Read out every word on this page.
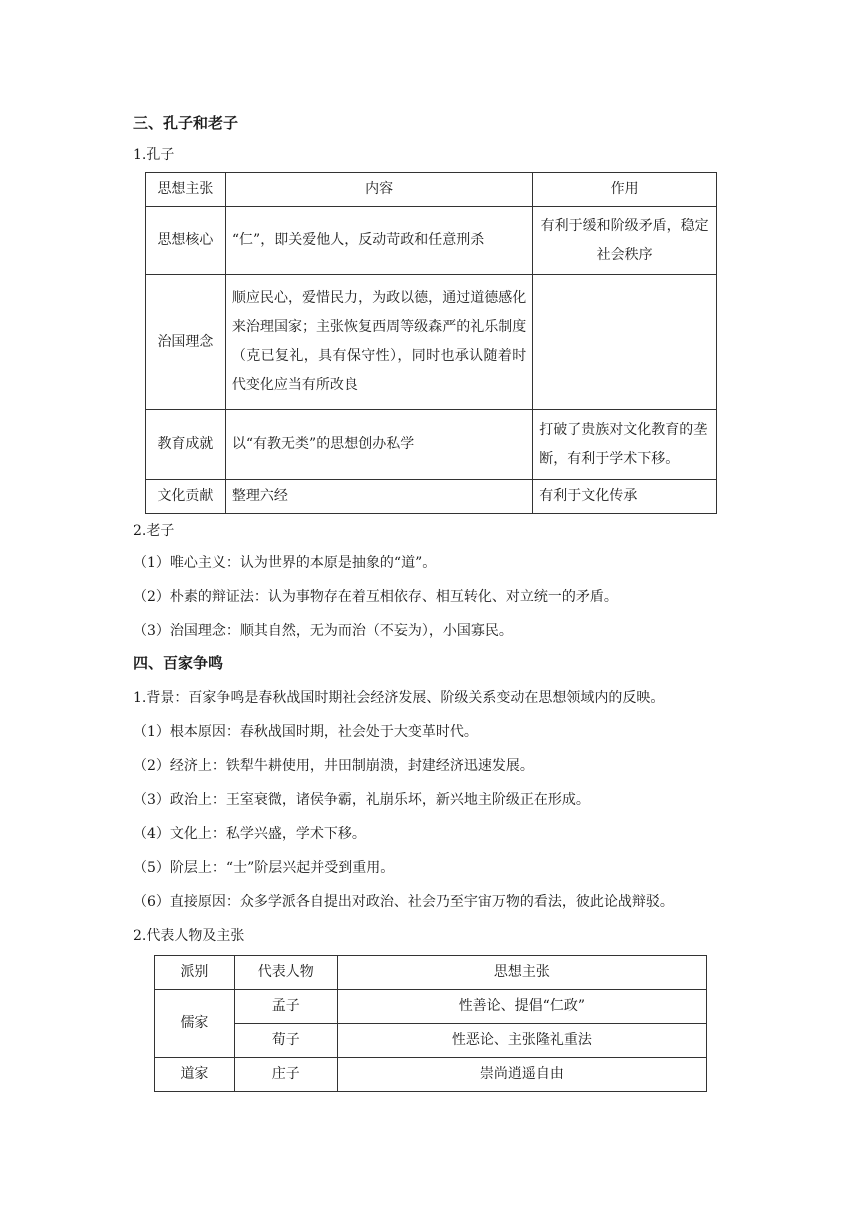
三、孔子和老子
1.孔子
思想主张	内容	作用
思想核心	“仁”，即关爱他人，反动苛政和任意刑杀	有利于缓和阶级矛盾，稳定社会秩序
治国理念	顺应民心，爱惜民力，为政以德，通过道德感化来治理国家；主张恢复西周等级森严的礼乐制度（克已复礼，具有保守性），同时也承认随着时代变化应当有所改良	
教育成就	以“有教无类”的思想创办私学	打破了贵族对文化教育的垄断，有利于学术下移。
文化贡献	整理六经	有利于文化传承
2.老子
（1）唯心主义：认为世界的本原是抽象的“道”。
（2）朴素的辩证法：认为事物存在着互相依存、相互转化、对立统一的矛盾。
（3）治国理念：顺其自然，无为而治（不妄为），小国寡民。
四、百家争鸣
1.背景：百家争鸣是春秋战国时期社会经济发展、阶级关系变动在思想领域内的反映。
（1）根本原因：春秋战国时期，社会处于大变革时代。
（2）经济上：铁犁牛耕使用，井田制崩溃，封建经济迅速发展。
（3）政治上：王室衰微，诸侯争霸，礼崩乐坏，新兴地主阶级正在形成。
（4）文化上：私学兴盛，学术下移。
（5）阶层上：“士”阶层兴起并受到重用。
（6）直接原因：众多学派各自提出对政治、社会乃至宇宙万物的看法，彼此论战辩驳。
2.代表人物及主张
派别	代表人物	思想主张
儒家	孟子	性善论、提倡“仁政”
	荀子	性恶论、主张隆礼重法
道家	庄子	崇尚逍遥自由
